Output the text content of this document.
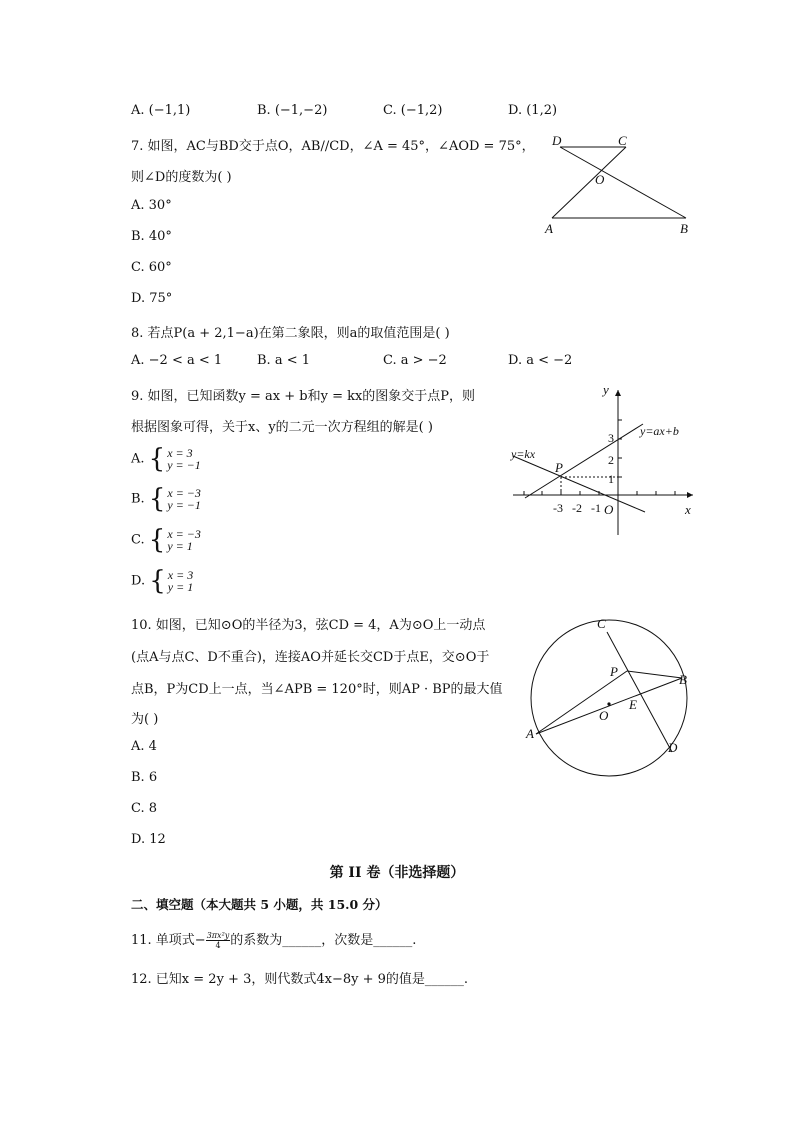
A. (−1,1)	B. (−1,−2)	C. (−1,2)	D. (1,2)
7. 如图，AC与BD交于点O，AB//CD，∠A = 45°，∠AOD = 75°，
则∠D的度数为( )
A. 30°
B. 40°
C. 60°
D. 75°
D	C
O
A	B
8. 若点P(a + 2,1−a)在第二象限，则a的取值范围是( )
A. −2 < a < 1	B. a < 1	C. a > −2	D. a < −2
9. 如图，已知函数y = ax + b和y = kx的图象交于点P，则
根据图象可得，关于x、y的二元一次方程组的解是( )
A. { x = 3
y = −1
B. { x = −3
y = −1
C. { x = −3
y = 1
D. { x = 3
y = 1
y
x
y=ax+b
y=kx
P
O
3
2
1
-3 -2 -1
10. 如图，已知⊙O的半径为3，弦CD = 4，A为⊙O上一动点
(点A与点C、D不重合)，连接AO并延长交CD于点E，交⊙O于
点B，P为CD上一点，当∠APB = 120°时，则AP · BP的最大值
为( )
A. 4
B. 6
C. 8
D. 12
C
P
B
E
O
A
D
第 II 卷（非选择题）
二、填空题（本大题共 5 小题，共 15.0 分）
11. 单项式− $\frac{\text{3πx²y}}{4}$ 的系数为______，次数是______.
12. 已知x = 2y + 3，则代数式4x−8y + 9的值是______.
